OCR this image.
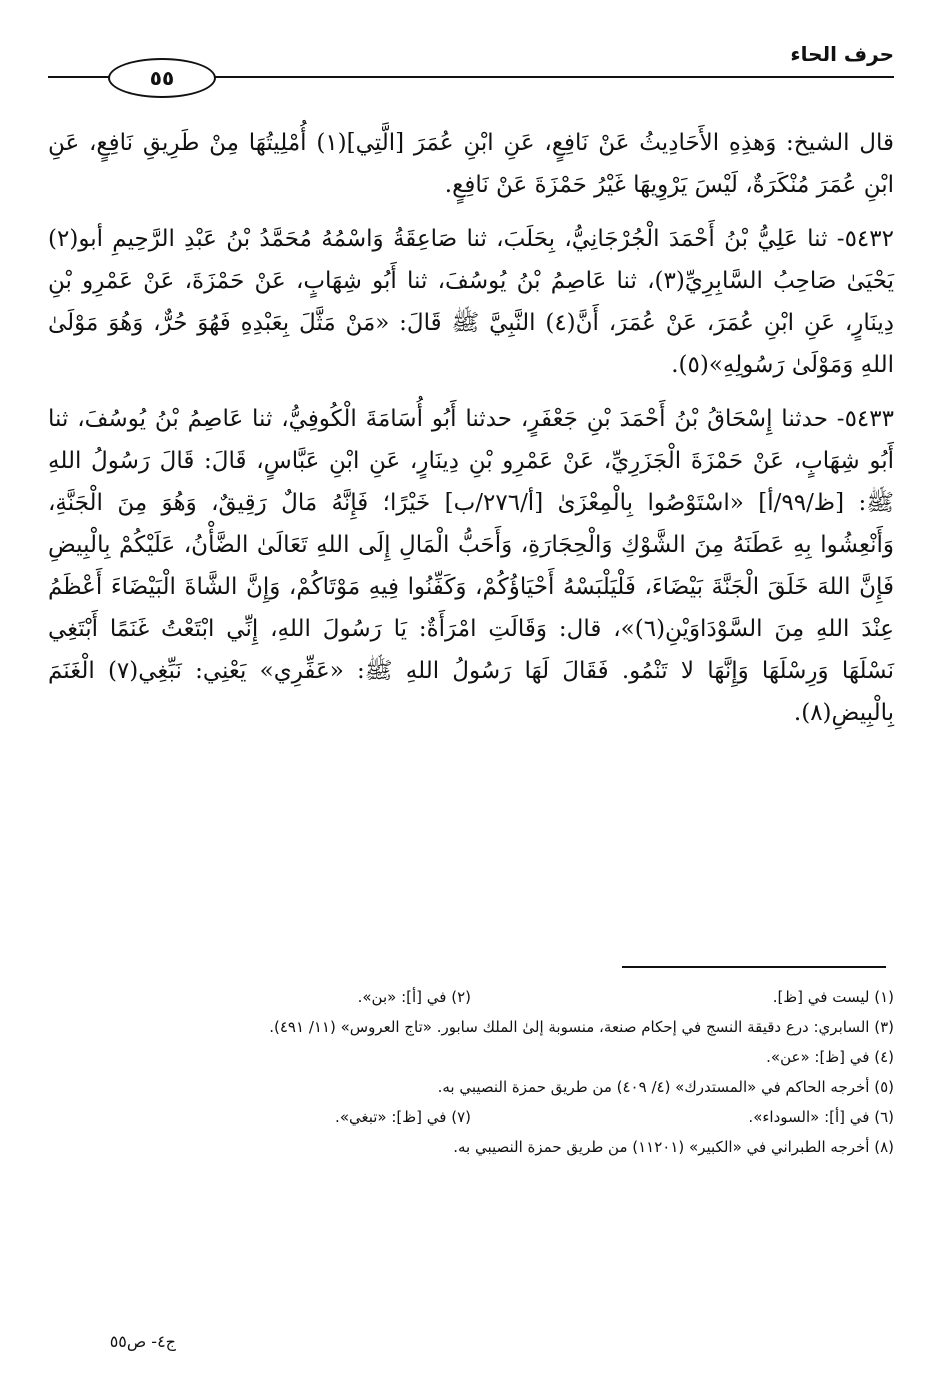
حرف الحاء
٥٥

قال الشيخ: وَهذِهِ الأَحَادِيثُ عَنْ نَافِعٍ، عَنِ ابْنِ عُمَرَ [الَّتِي](١) أُمْلِيتُهَا مِنْ طَرِيقِ نَافِعٍ، عَنِ ابْنِ عُمَرَ مُنْكَرَةٌ، لَيْسَ يَرْوِيهَا غَيْرُ حَمْزَةَ عَنْ نَافِعٍ.

٥٤٣٢- ثنا عَلِيُّ بْنُ أَحْمَدَ الْجُرْجَانِيُّ، بِحَلَبَ، ثنا صَاعِقَةُ وَاسْمُهُ مُحَمَّدُ بْنُ عَبْدِ الرَّحِيمِ أبو(٢) يَحْيَىٰ صَاحِبُ السَّابِرِيِّ(٣)، ثنا عَاصِمُ بْنُ يُوسُفَ، ثنا أَبُو شِهَابٍ، عَنْ حَمْزَةَ، عَنْ عَمْرِو بْنِ دِينَارٍ، عَنِ ابْنِ عُمَرَ، عَنْ عُمَرَ، أَنَّ(٤) النَّبِيَّ ﷺ قَالَ: «مَنْ مَثَّلَ بِعَبْدِهِ فَهُوَ حُرٌّ، وَهُوَ مَوْلَىٰ اللهِ وَمَوْلَىٰ رَسُولِهِ»(٥).

٥٤٣٣- حدثنا إِسْحَاقُ بْنُ أَحْمَدَ بْنِ جَعْفَرٍ، حدثنا أَبُو أُسَامَةَ الْكُوفِيُّ، ثنا عَاصِمُ بْنُ يُوسُفَ، ثنا أَبُو شِهَابٍ، عَنْ حَمْزَةَ الْجَزَرِيِّ، عَنْ عَمْرِو بْنِ دِينَارٍ، عَنِ ابْنِ عَبَّاسٍ، قَالَ: قَالَ رَسُولُ اللهِ ﷺ: [ظ/٩٩/أ] «اسْتَوْصُوا بِالْمِعْزَىٰ [أ/٢٧٦/ب] خَيْرًا؛ فَإِنَّهُ مَالٌ رَقِيقٌ، وَهُوَ مِنَ الْجَنَّةِ، وَأَنْعِشُوا بِهِ عَطَنَهُ مِنَ الشَّوْكِ وَالْحِجَارَةِ، وَأَحَبُّ الْمَالِ إِلَى اللهِ تَعَالَىٰ الضَّأْنُ، عَلَيْكُمْ بِالْبِيضِ فَإِنَّ اللهَ خَلَقَ الْجَنَّةَ بَيْضَاءَ، فَلْيَلْبَسْهُ أَحْيَاؤُكُمْ، وَكَفِّنُوا فِيهِ مَوْتَاكُمْ، وَإِنَّ الشَّاةَ الْبَيْضَاءَ أَعْظَمُ عِنْدَ اللهِ مِنَ السَّوْدَاوَيْنِ(٦)»، قال: وَقَالَتِ امْرَأَةٌ: يَا رَسُولَ اللهِ، إِنِّي ابْتَعْتُ غَنَمًا أَبْتَغِي نَسْلَهَا وَرِسْلَهَا وَإِنَّهَا لا تَنْمُو. فَقَالَ لَهَا رَسُولُ اللهِ ﷺ: «عَفِّرِي» يَعْنِي: نَبِّغِي(٧) الْغَنَمَ بِالْبِيضِ(٨).

(١) ليست في [ظ].
(٢) في [أ]: «بن».
(٣) السابري: درع دقيقة النسج في إحكام صنعة، منسوبة إلىٰ الملك سابور. «تاج العروس» (١١/ ٤٩١).
(٤) في [ظ]: «عن».
(٥) أخرجه الحاكم في «المستدرك» (٤/ ٤٠٩) من طريق حمزة النصيبي به.
(٦) في [أ]: «السوداء».
(٧) في [ظ]: «تبغي».
(٨) أخرجه الطبراني في «الكبير» (١١٢٠١) من طريق حمزة النصيبي به.
ج٤- ص٥٥
